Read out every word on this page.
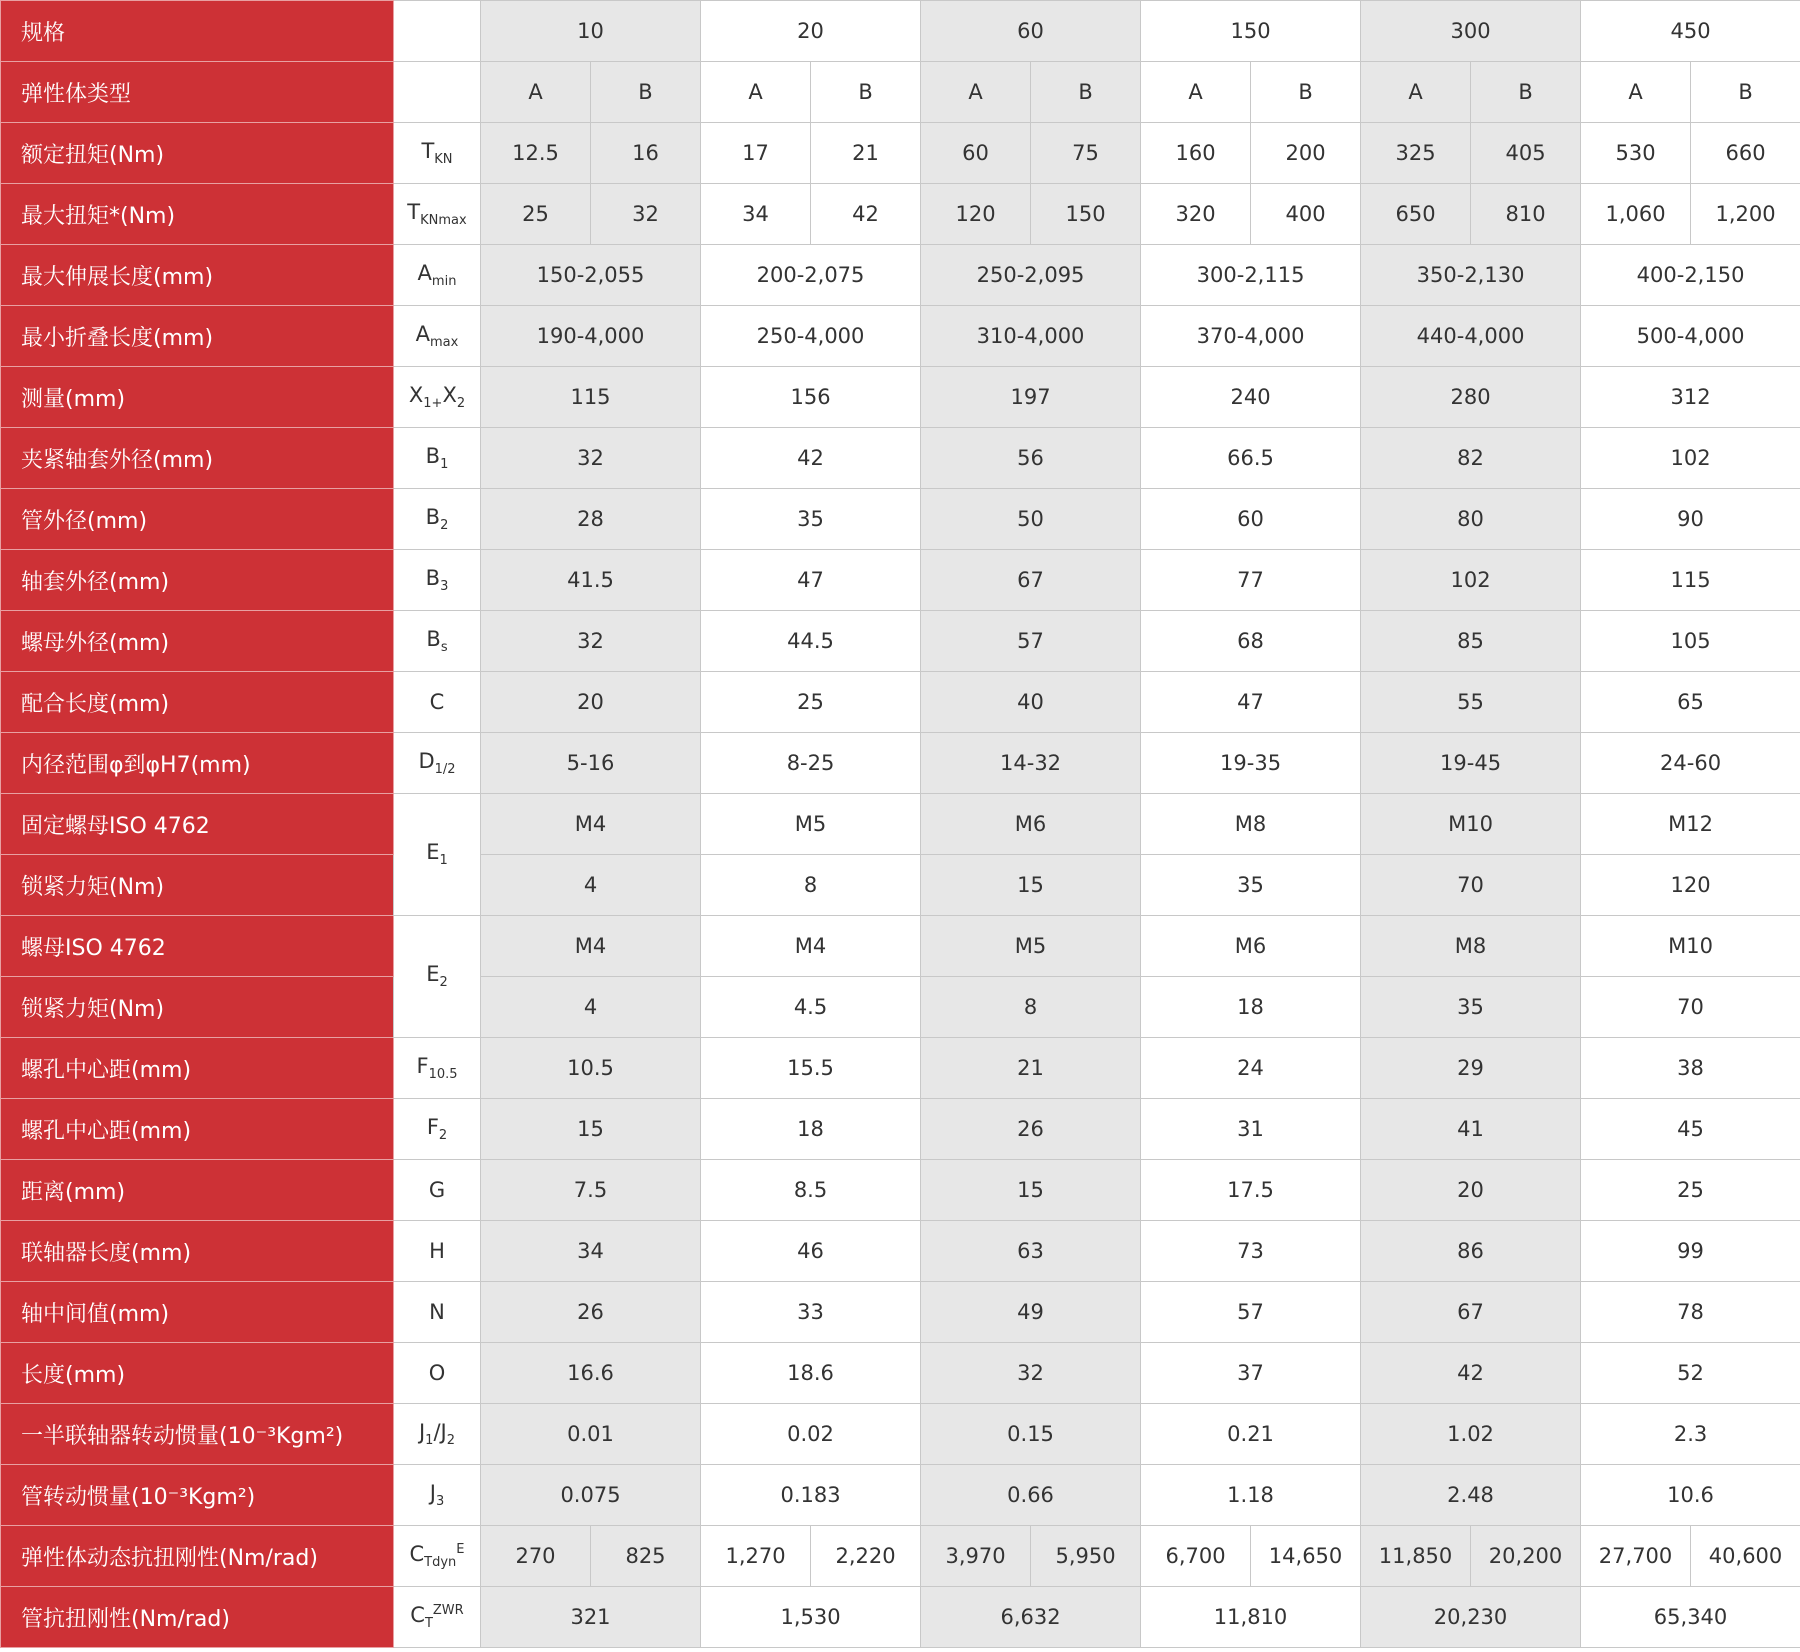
规格		10		20		60		150		300		450	
弹性体类型		A	B	A	B	A	B	A	B	A	B	A	B
额定扭矩(Nm)	$T_{KN}$	12.5	16	17	21	60	75	160	200	325	405	530	660
最大扭矩*(Nm)	$T_{KNmax}$	25	32	34	42	120	150	320	400	650	810	1,060	1,200
最大伸展长度(mm)	$A_{min}$	150-2,055		200-2,075		250-2,095		300-2,115		350-2,130		400-2,150	
最小折叠长度(mm)	$A_{max}$	190-4,000		250-4,000		310-4,000		370-4,000		440-4,000		500-4,000	
测量(mm)	$X_{1+}X_2$	115		156		197		240		280		312	
夹紧轴套外径(mm)	$B_1$	32		42		56		66.5		82		102	
管外径(mm)	$B_2$	28		35		50		60		80		90	
轴套外径(mm)	$B_3$	41.5		47		67		77		102		115	
螺母外径(mm)	$B_s$	32		44.5		57		68		85		105	
配合长度(mm)	C	20		25		40		47		55		65	
内径范围φ到φH7(mm)	$D_{1/2}$	5-16		8-25		14-32		19-35		19-45		24-60	
固定螺母ISO 4762	$E_1$	M4		M5		M6		M8		M10		M12	
锁紧力矩(Nm)		4		8		15		35		70		120	
螺母ISO 4762	$E_2$	M4		M4		M5		M6		M8		M10	
锁紧力矩(Nm)		4		4.5		8		18		35		70	
螺孔中心距(mm)	$F_{10.5}$	10.5		15.5		21		24		29		38	
螺孔中心距(mm)	$F_2$	15		18		26		31		41		45	
距离(mm)	G	7.5		8.5		15		17.5		20		25	
联轴器长度(mm)	H	34		46		63		73		86		99	
轴中间值(mm)	N	26		33		49		57		67		78	
长度(mm)	O	16.6		18.6		32		37		42		52	
一半联轴器转动惯量(10⁻³Kgm²)	$J_1/J_2$	0.01		0.02		0.15		0.21		1.02		2.3	
管转动惯量(10⁻³Kgm²)	$J_3$	0.075		0.183		0.66		1.18		2.48		10.6	
弹性体动态抗扭刚性(Nm/rad)	$C_{Tdyn}^E$	270	825	1,270	2,220	3,970	5,950	6,700	14,650	11,850	20,200	27,700	40,600
管抗扭刚性(Nm/rad)	$C_T^{ZWR}$	321		1,530		6,632		11,810		20,230		65,340	
